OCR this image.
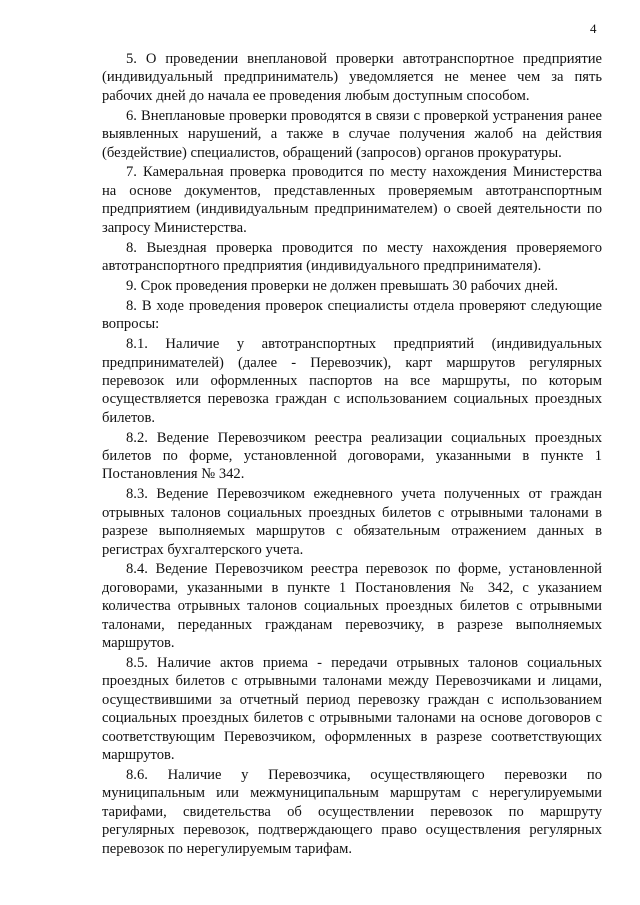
4

5. О проведении внеплановой проверки автотранспортное предприятие (индивидуальный предприниматель) уведомляется не менее чем за пять рабочих дней до начала ее проведения любым доступным способом.

6. Внеплановые проверки проводятся в связи с проверкой устранения ранее выявленных нарушений, а также в случае получения жалоб на действия (бездействие) специалистов, обращений (запросов) органов прокуратуры.

7. Камеральная проверка проводится по месту нахождения Министерства на основе документов, представленных проверяемым автотранспортным предприятием (индивидуальным предпринимателем) о своей деятельности по запросу Министерства.

8. Выездная проверка проводится по месту нахождения проверяемого автотранспортного предприятия (индивидуального предпринимателя).

9. Срок проведения проверки не должен превышать 30 рабочих дней.

8. В ходе проведения проверок специалисты отдела проверяют следующие вопросы:

8.1. Наличие у автотранспортных предприятий (индивидуальных предпринимателей) (далее - Перевозчик), карт маршрутов регулярных перевозок или оформленных паспортов на все маршруты, по которым осуществляется перевозка граждан с использованием социальных проездных билетов.

8.2. Ведение Перевозчиком реестра реализации социальных проездных билетов по форме, установленной договорами, указанными в пункте 1 Постановления № 342.

8.3. Ведение Перевозчиком ежедневного учета полученных от граждан отрывных талонов социальных проездных билетов с отрывными талонами в разрезе выполняемых маршрутов с обязательным отражением данных в регистрах бухгалтерского учета.

8.4. Ведение Перевозчиком реестра перевозок по форме, установленной договорами, указанными в пункте 1 Постановления № 342, с указанием количества отрывных талонов социальных проездных билетов с отрывными талонами, переданных гражданам перевозчику, в разрезе выполняемых маршрутов.

8.5. Наличие актов приема - передачи отрывных талонов социальных проездных билетов с отрывными талонами между Перевозчиками и лицами, осуществившими за отчетный период перевозку граждан с использованием социальных проездных билетов с отрывными талонами на основе договоров с соответствующим Перевозчиком, оформленных в разрезе соответствующих маршрутов.

8.6. Наличие у Перевозчика, осуществляющего перевозки по муниципальным или межмуниципальным маршрутам с нерегулируемыми тарифами, свидетельства об осуществлении перевозок по маршруту регулярных перевозок, подтверждающего право осуществления регулярных перевозок по нерегулируемым тарифам.
